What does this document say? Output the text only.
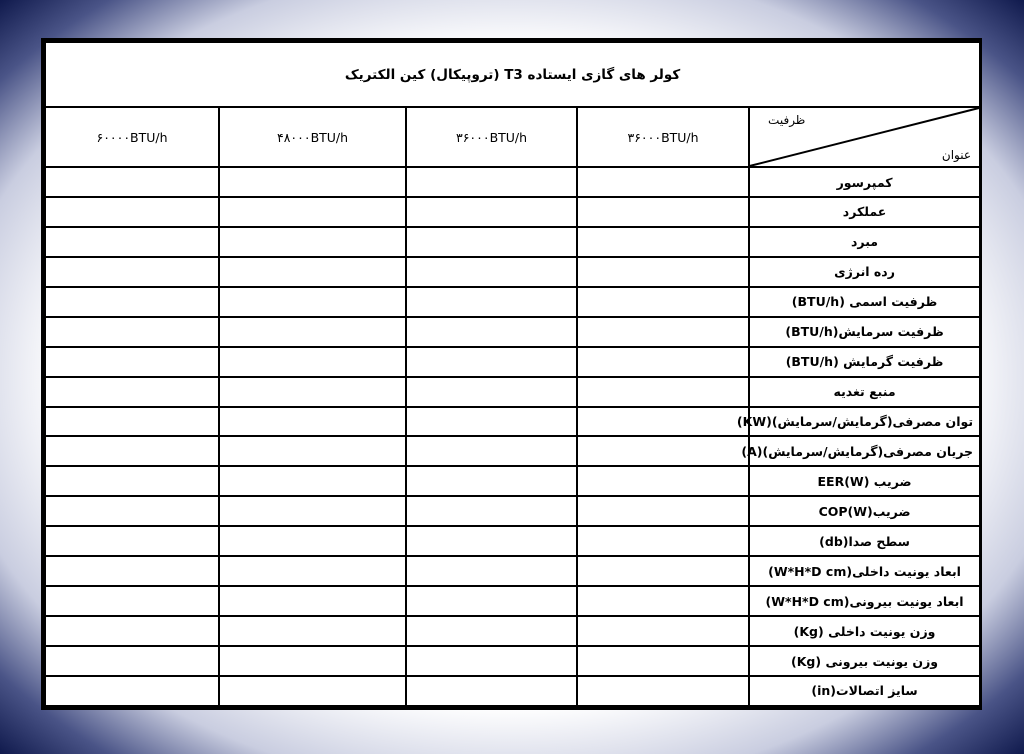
کولر های گازی ایستاده T3 (تروپیکال) کین الکتریک				

ظرفیت
عنوان	۳۶۰۰۰BTU/h	۳۶۰۰۰BTU/h	۴۸۰۰۰BTU/h	۶۰۰۰۰BTU/h
کمپرسور				
عملکرد				
مبرد				
رده انرژی				
ظرفیت اسمی (BTU/h)				
ظرفیت سرمایش(BTU/h)				
ظرفیت گرمایش (BTU/h)				
منبع تغدیه				
توان مصرفی(گرمایش/سرمایش)(KW)				
جریان مصرفی(گرمایش/سرمایش)(A)				
ضریب EER(W)				
ضریبCOP(W)				
سطح صدا(db)				
ابعاد یونیت داخلی(W*H*D cm)				
ابعاد یونیت بیرونی(W*H*D cm)				
وزن یونیت داخلی (Kg)				
وزن یونیت بیرونی (Kg)				
سایز اتصالات(in)				
